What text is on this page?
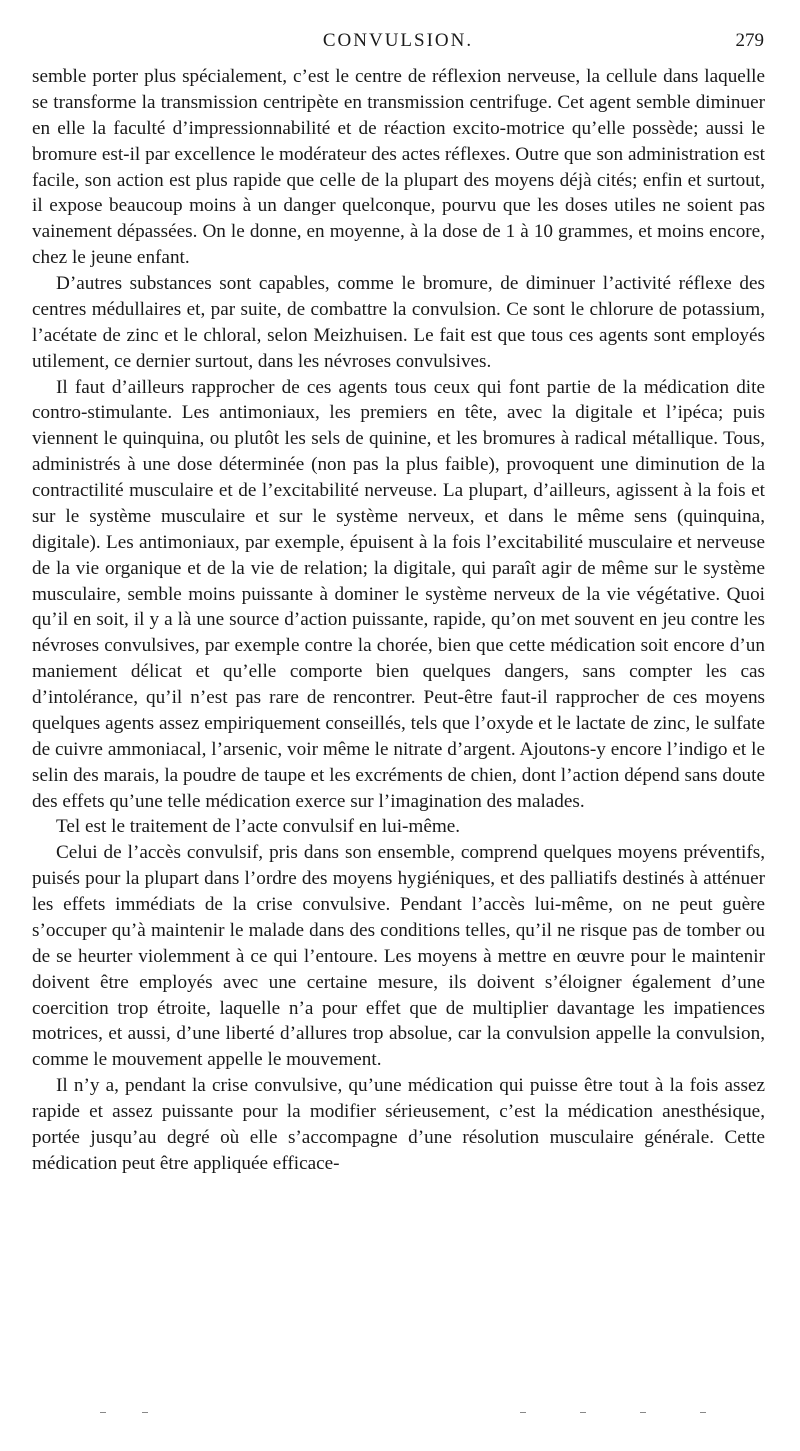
CONVULSION.	279

semble porter plus spécialement, c’est le centre de réflexion nerveuse, la cellule dans laquelle se transforme la transmission centripète en transmission centrifuge. Cet agent semble diminuer en elle la faculté d’impressionnabilité et de réaction excito-motrice qu’elle possède; aussi le bromure est-il par excellence le modérateur des actes réflexes. Outre que son administration est facile, son action est plus rapide que celle de la plupart des moyens déjà cités; enfin et surtout, il expose beaucoup moins à un danger quelconque, pourvu que les doses utiles ne soient pas vainement dépassées. On le donne, en moyenne, à la dose de 1 à 10 grammes, et moins encore, chez le jeune enfant.

D’autres substances sont capables, comme le bromure, de diminuer l’activité réflexe des centres médullaires et, par suite, de combattre la convulsion. Ce sont le chlorure de potassium, l’acétate de zinc et le chloral, selon Meizhuisen. Le fait est que tous ces agents sont employés utilement, ce dernier surtout, dans les névroses convulsives.

Il faut d’ailleurs rapprocher de ces agents tous ceux qui font partie de la médication dite contro-stimulante. Les antimoniaux, les premiers en tête, avec la digitale et l’ipéca; puis viennent le quinquina, ou plutôt les sels de quinine, et les bromures à radical métallique. Tous, administrés à une dose déterminée (non pas la plus faible), provoquent une diminution de la contractilité musculaire et de l’excitabilité nerveuse. La plupart, d’ailleurs, agissent à la fois et sur le système musculaire et sur le système nerveux, et dans le même sens (quinquina, digitale). Les antimoniaux, par exemple, épuisent à la fois l’excitabilité musculaire et nerveuse de la vie organique et de la vie de relation; la digitale, qui paraît agir de même sur le système musculaire, semble moins puissante à dominer le système nerveux de la vie végétative. Quoi qu’il en soit, il y a là une source d’action puissante, rapide, qu’on met souvent en jeu contre les névroses convulsives, par exemple contre la chorée, bien que cette médication soit encore d’un maniement délicat et qu’elle comporte bien quelques dangers, sans compter les cas d’intolérance, qu’il n’est pas rare de rencontrer. Peut-être faut-il rapprocher de ces moyens quelques agents assez empiriquement conseillés, tels que l’oxyde et le lactate de zinc, le sulfate de cuivre ammoniacal, l’arsenic, voir même le nitrate d’argent. Ajoutons-y encore l’indigo et le selin des marais, la poudre de taupe et les excréments de chien, dont l’action dépend sans doute des effets qu’une telle médication exerce sur l’imagination des malades.

Tel est le traitement de l’acte convulsif en lui-même.

Celui de l’accès convulsif, pris dans son ensemble, comprend quelques moyens préventifs, puisés pour la plupart dans l’ordre des moyens hygiéniques, et des palliatifs destinés à atténuer les effets immédiats de la crise convulsive. Pendant l’accès lui-même, on ne peut guère s’occuper qu’à maintenir le malade dans des conditions telles, qu’il ne risque pas de tomber ou de se heurter violemment à ce qui l’entoure. Les moyens à mettre en œuvre pour le maintenir doivent être employés avec une certaine mesure, ils doivent s’éloigner également d’une coercition trop étroite, laquelle n’a pour effet que de multiplier davantage les impatiences motrices, et aussi, d’une liberté d’allures trop absolue, car la convulsion appelle la convulsion, comme le mouvement appelle le mouvement.

Il n’y a, pendant la crise convulsive, qu’une médication qui puisse être tout à la fois assez rapide et assez puissante pour la modifier sérieusement, c’est la médication anesthésique, portée jusqu’au degré où elle s’accompagne d’une résolution musculaire générale. Cette médication peut être appliquée efficace-
